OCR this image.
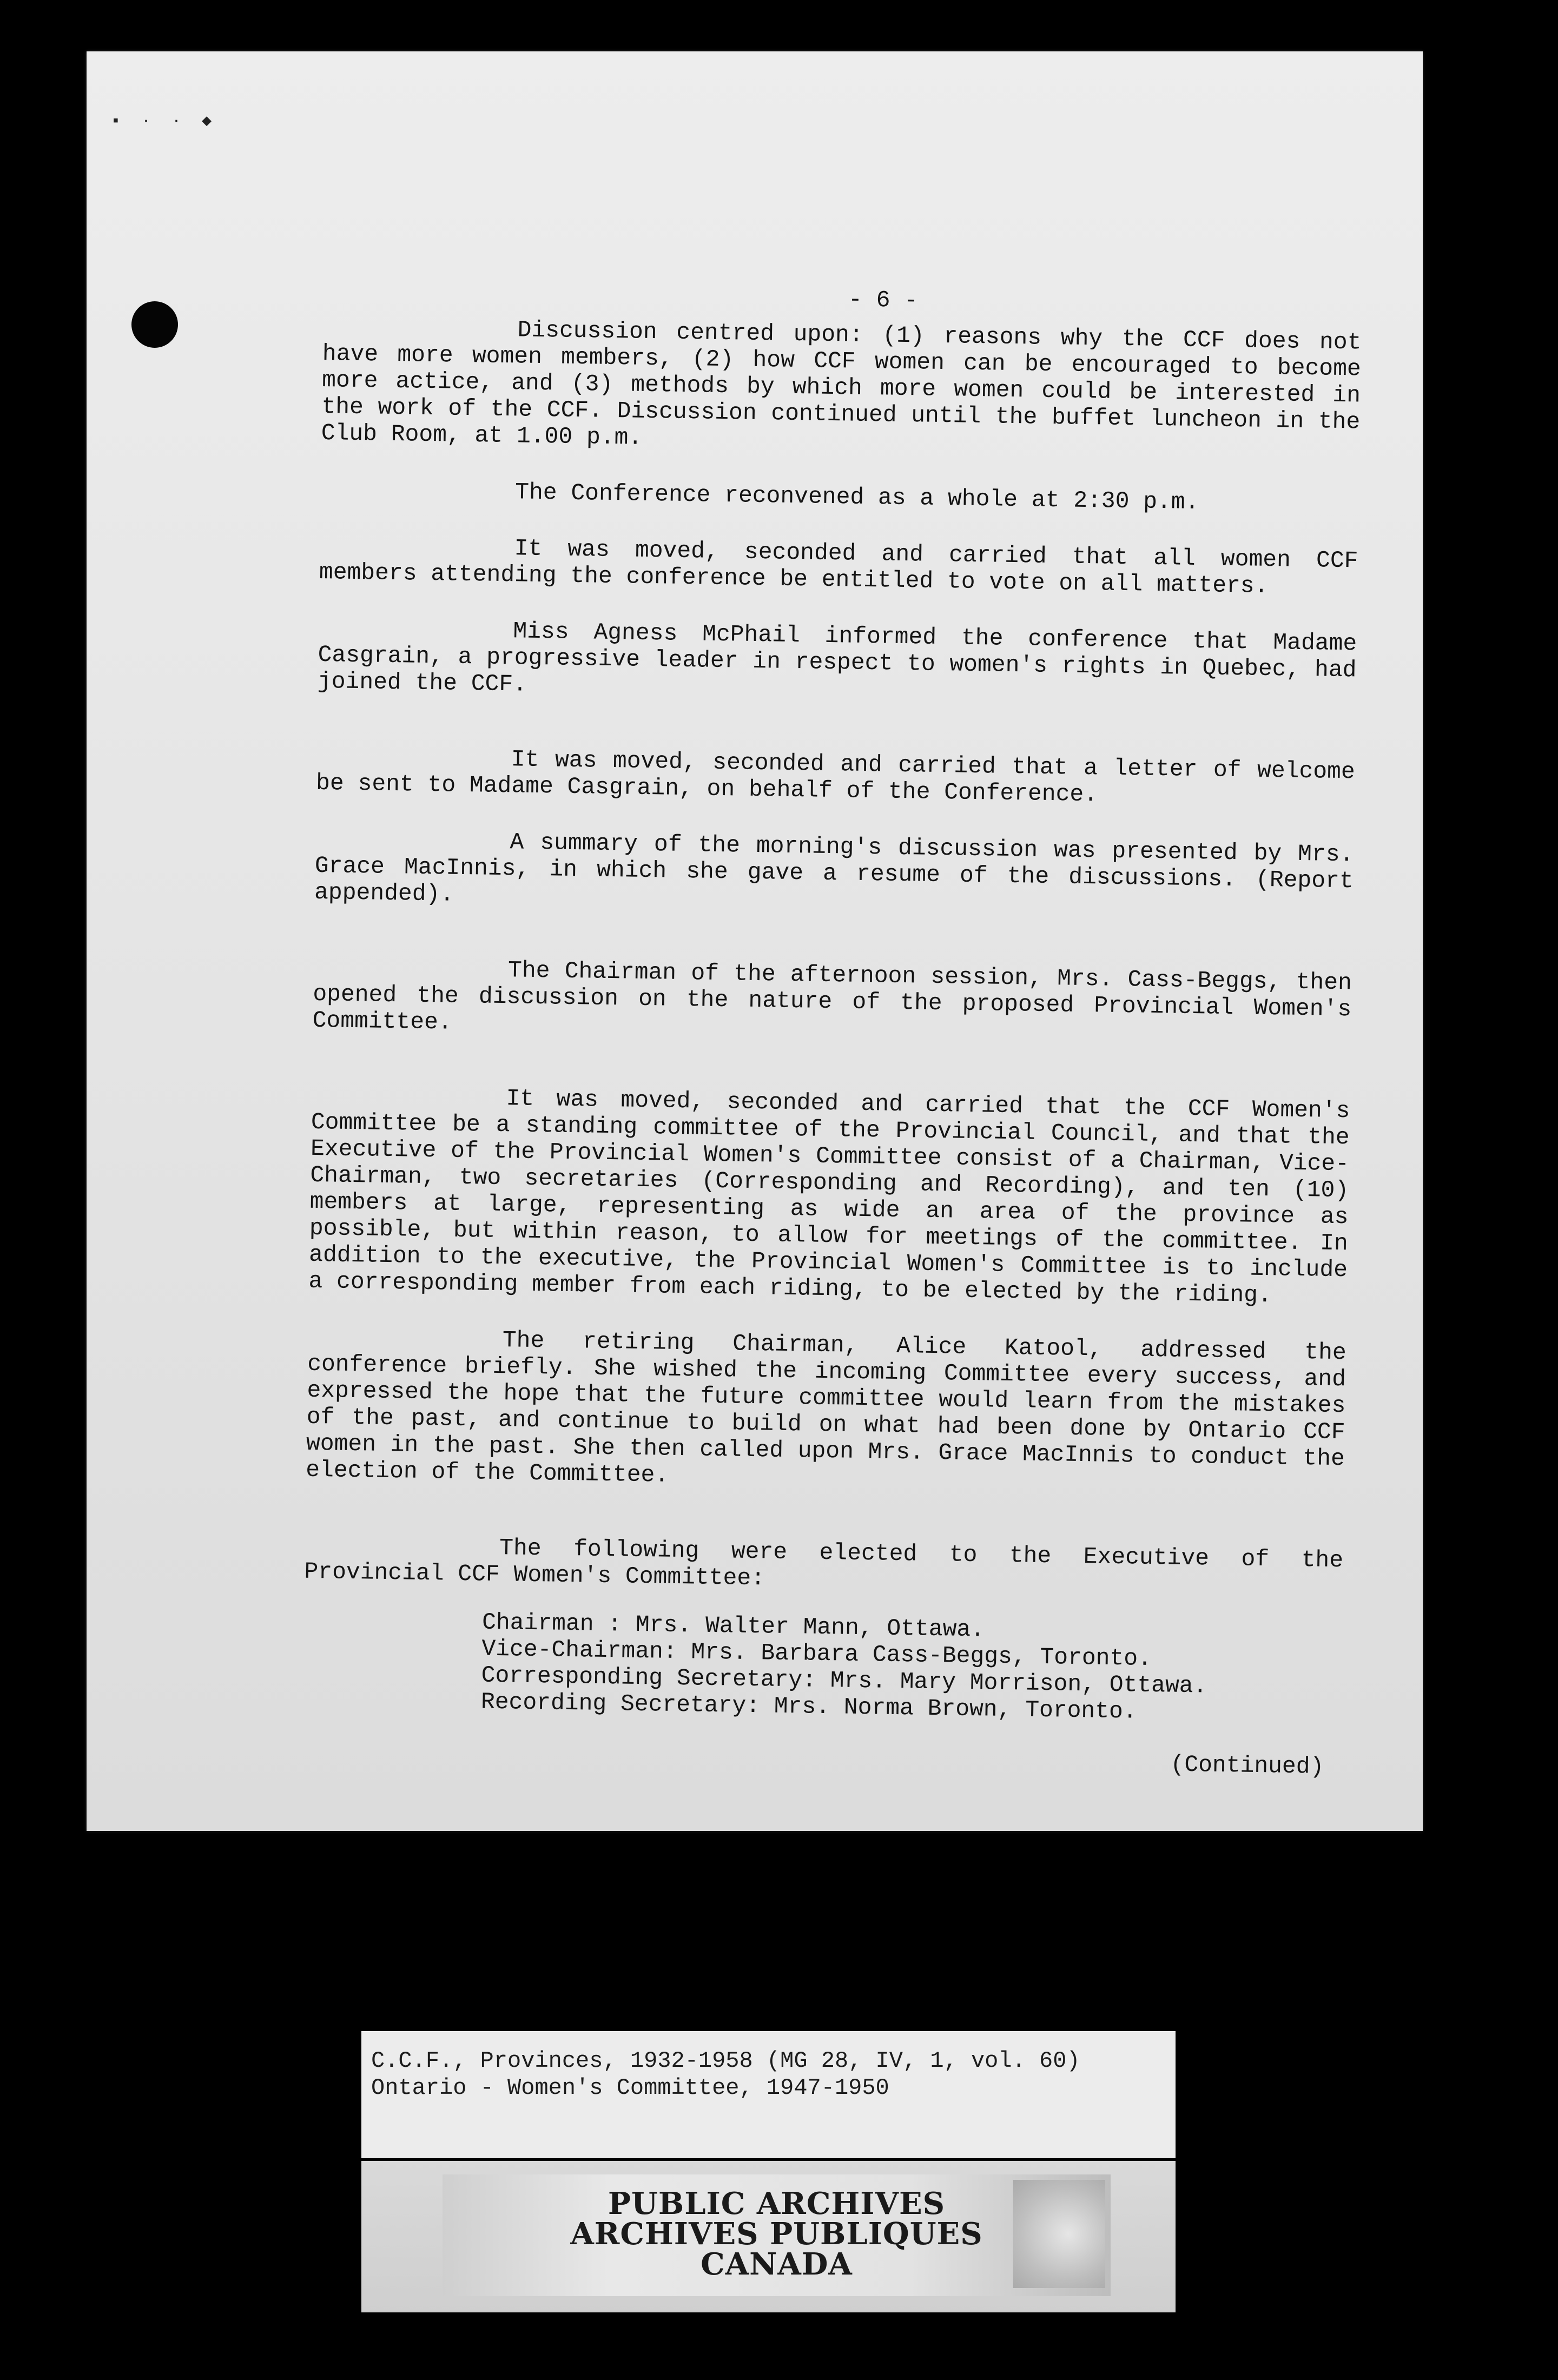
▪ · · ◆
- 6 -

Discussion centred upon: (1) reasons why the CCF does not have more women members, (2) how CCF women can be encouraged to become more actice, and (3) methods by which more women could be interested in the work of the CCF. Discussion continued until the buffet luncheon in the Club Room, at 1.00 p.m.

The Conference reconvened as a whole at 2:30 p.m.

It was moved, seconded and carried that all women CCF members attending the conference be entitled to vote on all matters.

Miss Agness McPhail informed the conference that Madame Casgrain, a progressive leader in respect to women's rights in Quebec, had joined the CCF.

It was moved, seconded and carried that a letter of welcome be sent to Madame Casgrain, on behalf of the Conference.

A summary of the morning's discussion was presented by Mrs. Grace MacInnis, in which she gave a resume of the discussions. (Report appended).

The Chairman of the afternoon session, Mrs. Cass-Beggs, then opened the discussion on the nature of the proposed Provincial Women's Committee.

It was moved, seconded and carried that the CCF Women's Committee be a standing committee of the Provincial Council, and that the Executive of the Provincial Women's Committee consist of a Chairman, Vice-Chairman, two secretaries (Corresponding and Recording), and ten (10) members at large, representing as wide an area of the province as possible, but within reason, to allow for meetings of the committee. In addition to the executive, the Provincial Women's Committee is to include a corresponding member from each riding, to be elected by the riding.

The retiring Chairman, Alice Katool, addressed the conference briefly. She wished the incoming Committee every success, and expressed the hope that the future committee would learn from the mistakes of the past, and continue to build on what had been done by Ontario CCF women in the past. She then called upon Mrs. Grace MacInnis to conduct the election of the Committee.

The following were elected to the Executive of the Provincial CCF Women's Committee:

Chairman : Mrs. Walter Mann, Ottawa.

Vice-Chairman: Mrs. Barbara Cass-Beggs, Toronto.

Corresponding Secretary: Mrs. Mary Morrison, Ottawa.

Recording Secretary: Mrs. Norma Brown, Toronto.

(Continued)

C.C.F., Provinces, 1932-1958 (MG 28, IV, 1, vol. 60)

Ontario - Women's Committee, 1947-1950

PUBLIC ARCHIVES

ARCHIVES PUBLIQUES

CANADA
